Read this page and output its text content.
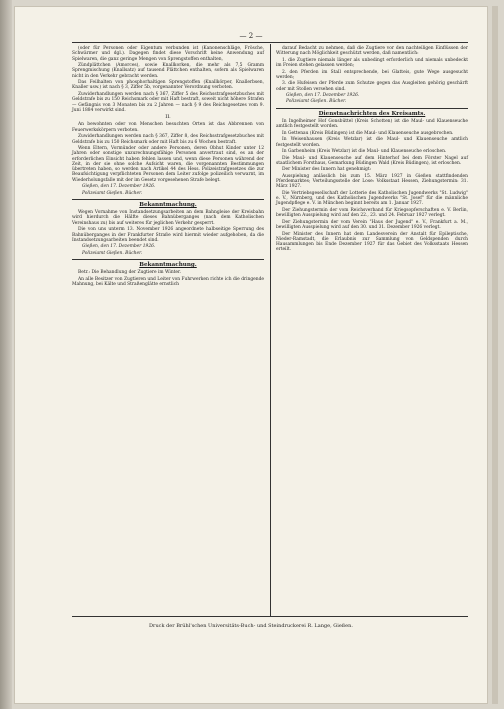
— 2 —
(oder für Personen oder Eigentum verbunden ist (Kanonenschläge, Frösche, Schwärmer und dgl.). Dagegen findet diese Vorschrift keine Anwendung auf Spielwaren, die ganz geringe Mengen von Sprengstoffen enthalten,
Zündplättchen (Amorces), sowie Knallkorken, die mehr als 7,5 Gramm Sprengmischung (Knallsatz) auf tausend Plättchen enthalten, sofern als Spielwaren nicht in den Verkehr gebracht werden.
Das Feilhalten von phosphorhaltigen Sprengstoffen (Knallkörper, Knallerbsen, Knaller usw.) ist nach § 3, Ziffer 5b, vorgenannter Verordnung verboten.
Zuwiderhandlungen werden nach § 367, Ziffer 5 des Reichsstrafgesetzbuches mit Geldstrafe bis zu 150 Reichsmark oder mit Haft bestraft, soweit nicht höhere Strafen — Gefängnis von 3 Monaten bis zu 2 Jahren — nach § 9 des Reichsgesetzes vom 9. Juni 1884 verwirkt sind.
II.
An bewohnten oder von Menschen besuchten Orten ist das Abbrennen von Feuerwerkskörpern verboten.
Zuwiderhandlungen werden nach § 367, Ziffer 8, des Reichsstrafgesetzbuches mit Geldstrafe bis zu 150 Reichsmark oder mit Haft bis zu 6 Wochen bestraft.
Wenn Eltern, Vormünder oder andere Personen, deren Obhut Kinder unter 12 Jahren oder sonstige unzurechnungsfähige Personen anvertraut sind, es an der erforderlichen Einsicht haben fehlen lassen und, wenn diese Personen während der Zeit, in der sie ohne solche Aufsicht waren, die vorgenannten Bestimmungen übertreten haben, so werden nach Artikel 44 des Hess. Polizeistrafgesetzes die zur Beaufsichtigung verpflichteten Personen dem Leiter zufolge polizeilich verwarnt, im Wiederholungsfalle mit der im Gesetz vorgesehenen Strafe belegt.
Gießen, den 17. Dezember 1926.
Polizeiamt Gießen. Bücher.
Bekanntmachung.
Wegen Vornahme von Instandsetzungsarbeiten an dem Bahngleise der Kreisbahn wird hierdurch die Hälfte dieses Bahnüberganges (nach dem Katholischen Vereinshaus zu) bis auf weiteres für jeglichen Verkehr gesperrt.
Die von uns unterm 13. November 1926 angeordnete halbseitige Sperrung des Bahnüberganges in der Frankfurter Straße wird hiermit wieder aufgehoben, da die Instandsetzungsarbeiten beendet sind.
Gießen, den 17. Dezember 1926.
Polizeiamt Gießen. Bücher.
Bekanntmachung.
Betr.: Die Behandlung der Zugtiere im Winter.
An alle Besitzer von Zugtieren und Leiter von Fuhrwerken richte ich die dringende Mahnung, bei Kälte und Straßenglätte ernstlich
darauf Bedacht zu nehmen, daß die Zugtiere vor den nachteiligen Einflüssen der Witterung nach Möglichkeit geschützt werden, daß namentlich:
1. die Zugtiere niemals länger als unbedingt erforderlich und niemals unbedeckt im Freien stehen gelassen werden;
2. den Pferden im Stall entsprechende, bei Glatteis, gute Wege ausgesucht werden;
3. die Hufeisen der Pferde zum Schutze gegen das Ausgleiten gehörig geschärft oder mit Stollen versehen sind.
Gießen, den 17. Dezember 1926.
Polizeiamt Gießen. Bücher.
Dienstnachrichten des Kreisamts.
In Ingelheimer Hof Gonsbüttel (Kreis Schotten) ist die Maul- und Klauenseuche amtlich festgestellt worden.
In Gettenau (Kreis Büdingen) ist die Maul- und Klauenseuche ausgebrochen.
In Weisenhausen (Kreis Wetzlar) ist die Maul- und Klauenseuche amtlich festgestellt worden.
In Garbenheim (Kreis Wetzlar) ist die Maul- und Klauenseuche erloschen.
Die Maul- und Klauenseuche auf dem Hinterhof bei dem Förster Nagel auf staatlichem Forsthaus, Gemarkung Büdingen Wald (Kreis Büdingen), ist erloschen.
Der Minister des Innern hat genehmigt:
Ausspielung anlässlich bis zum 15. März 1927 in Gießen stattfindenden Pferdemarktes; Verteilungsstelle der Lose: Volksstaat Hessen, Ziehungstermin: 31. März 1927.
Die Vertriebsgesellschaft der Lotterie des Katholischen Jugendwerks "St. Ludwig" e. V., Nürnberg, und des Katholischen Jugendwerks "St. Josef" für die männliche Jugendpflege e. V. in München beginnt bereits am 1. Januar 1927.
Der Ziehungstermin der vom Reichsverband für Kriegsopferschaften e. V. Berlin, bewilligten Ausspielung wird auf den 22., 23. und 24. Februar 1927 verlegt.
Der Ziehungstermin der vom Verein "Haus der Jugend" e. V., Frankfurt a. M., bewilligten Ausspielung wird auf den 30. und 31. Dezember 1926 verlegt.
Der Minister des Innern hat dem Landesverein der Anstalt für Epileptische, Nieder-Ramstadt, die Erlaubnis zur Sammlung von Geldspenden durch Hausammlungen bis Ende Dezember 1927 für das Gebiet des Volksstaats Hessen erteilt.
Druck der Brühl'schen Universitäts-Buch- und Steindruckerei R. Lange, Gießen.
